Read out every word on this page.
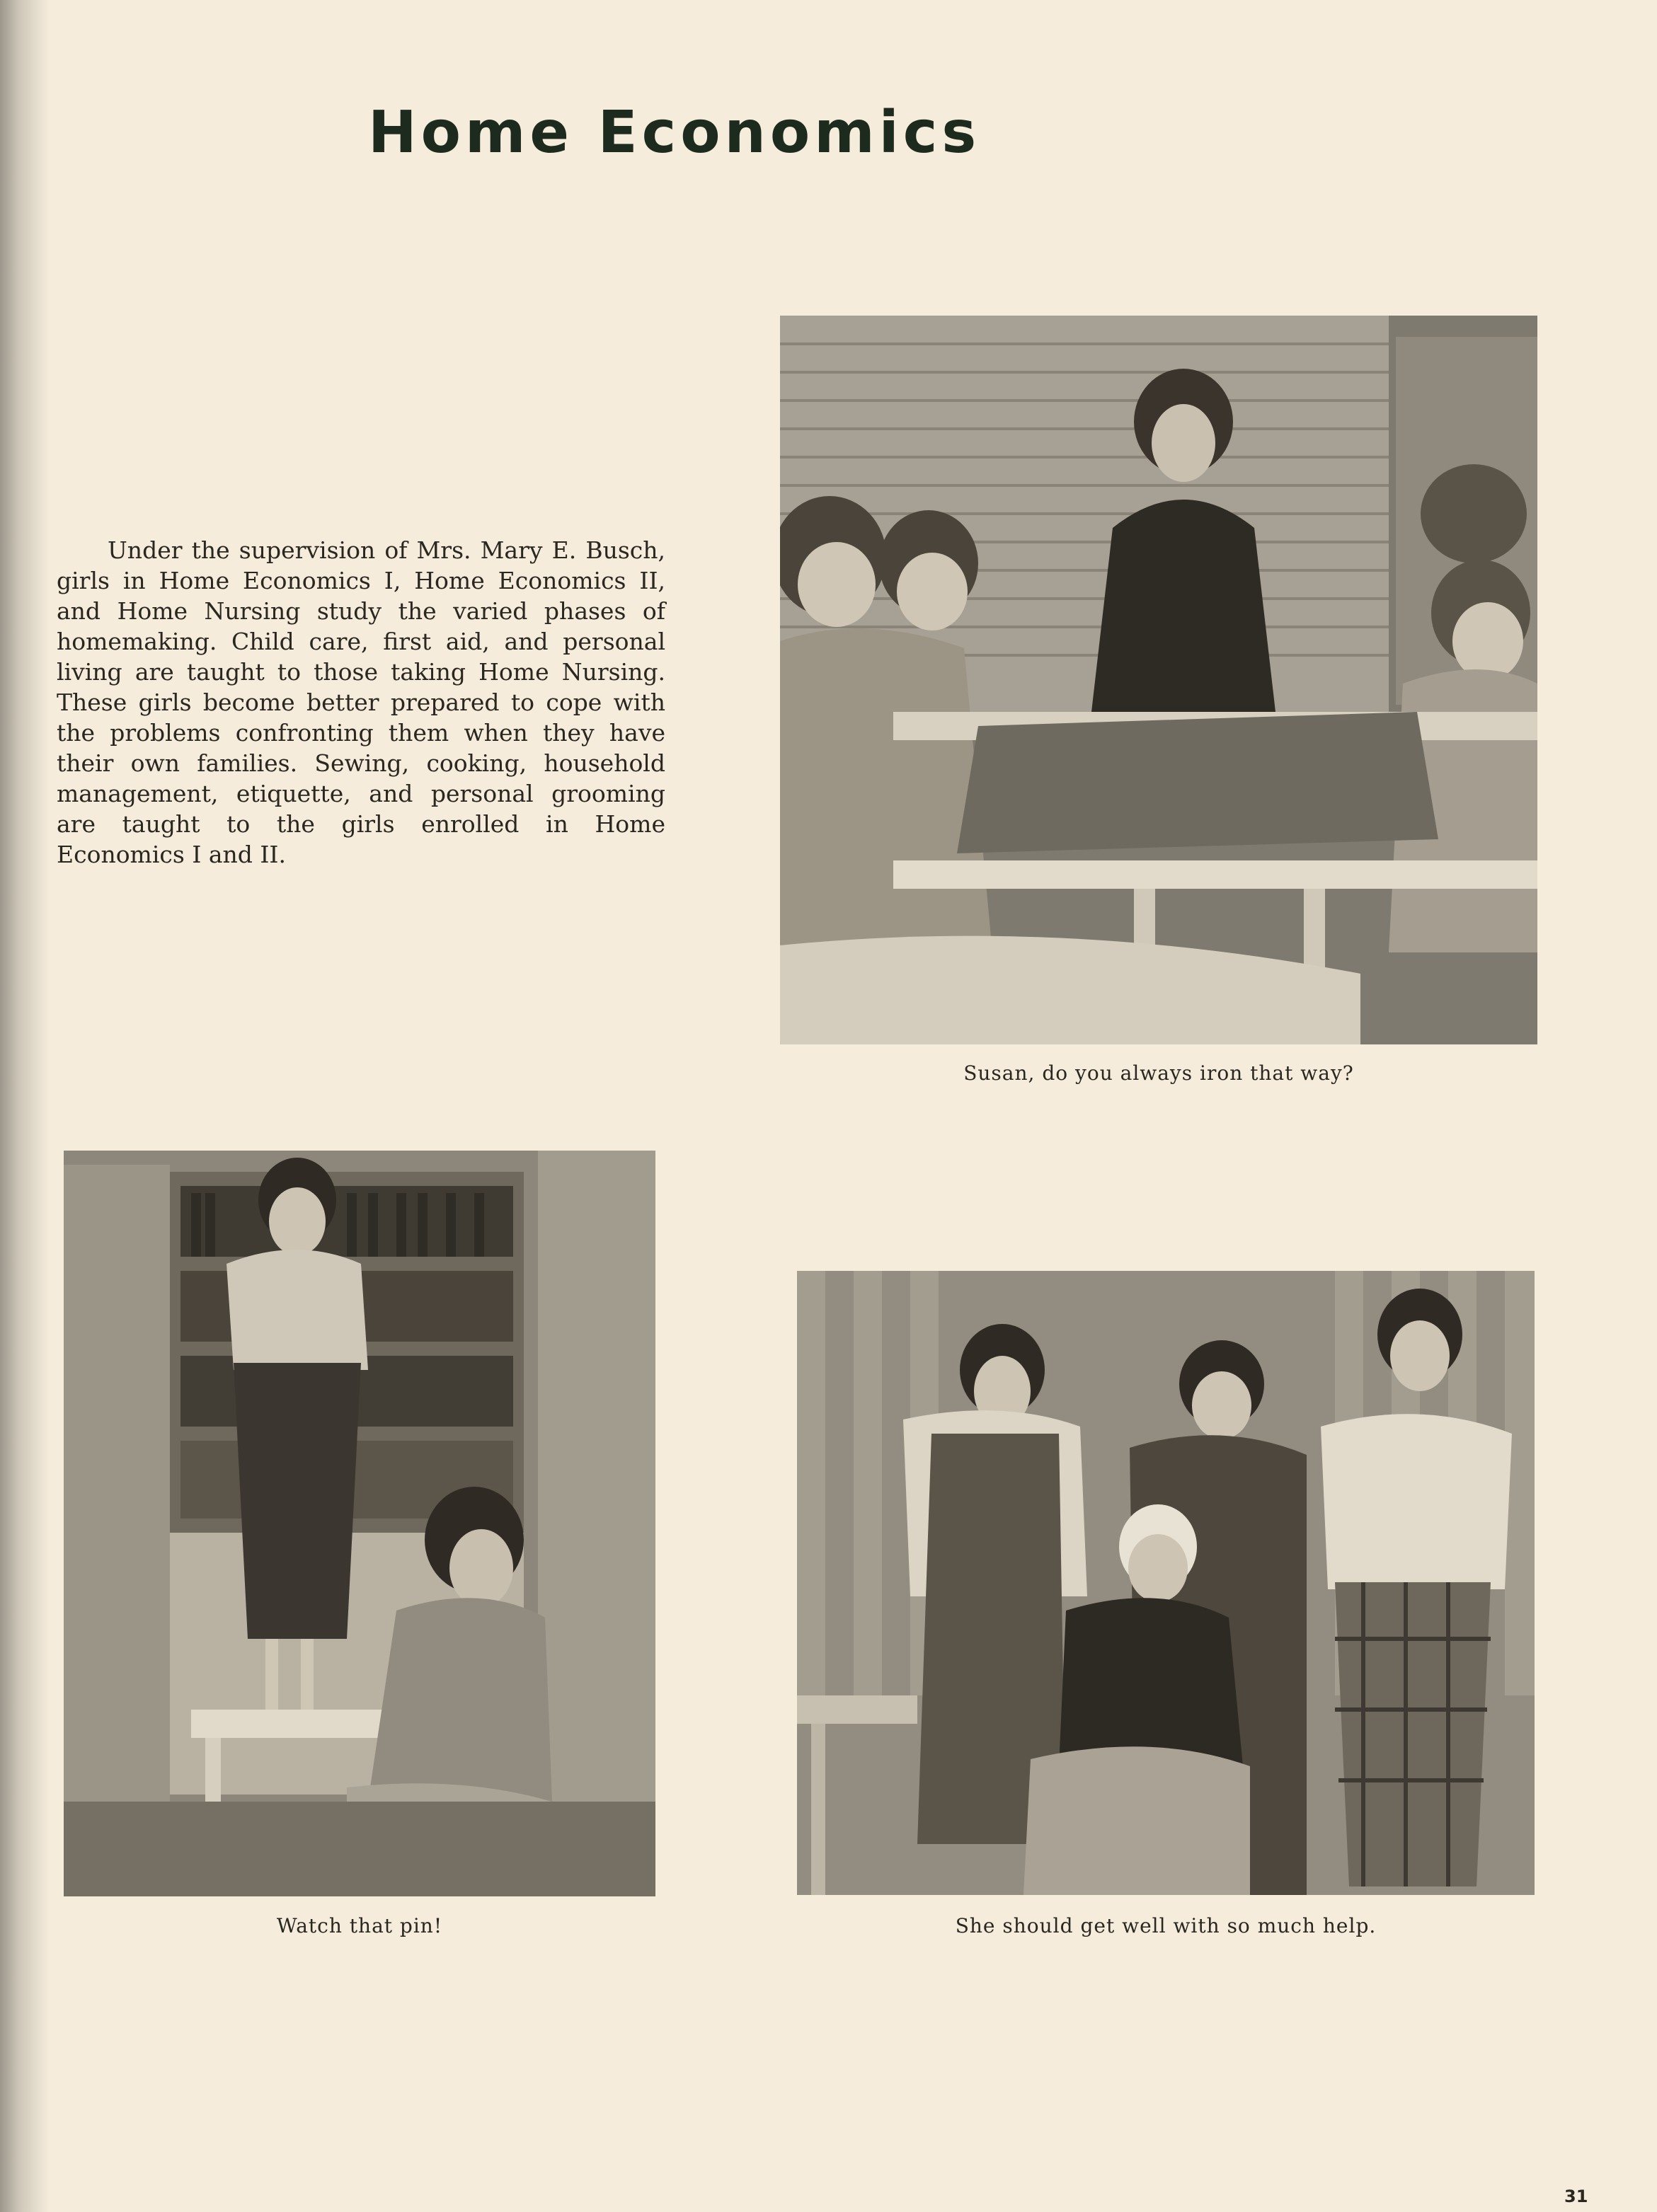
Home Economics
Under the supervision of Mrs. Mary E. Busch, girls in Home Economics I, Home Economics II, and Home Nursing study the varied phases of homemaking. Child care, first aid, and personal living are taught to those taking Home Nursing. These girls become better prepared to cope with the problems confronting them when they have their own families. Sewing, cooking, household management, etiquette, and personal grooming are taught to the girls enrolled in Home Economics I and II.
Susan, do you always iron that way?
Watch that pin!	She should get well with so much help.
31
